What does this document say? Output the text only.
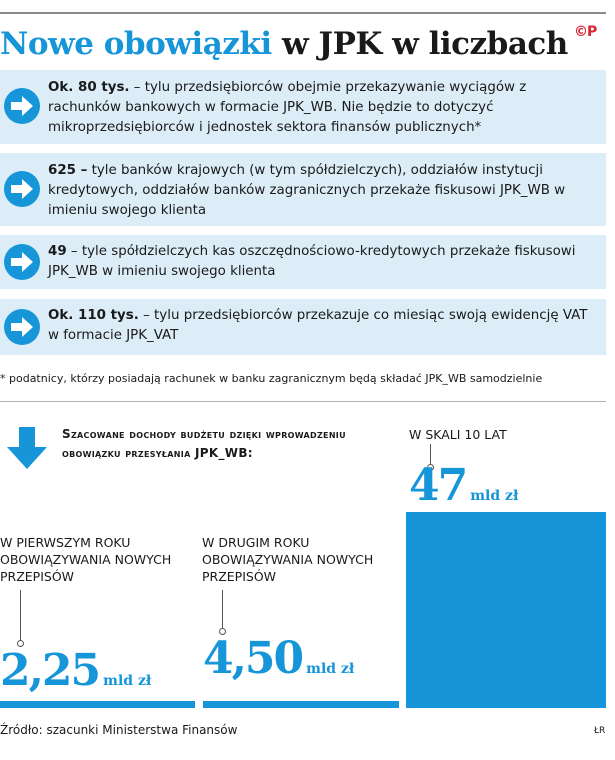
Nowe obowiązki w JPK w liczbach ©P
Ok. 80 tys. – tylu przedsiębiorców obejmie przekazywanie wyciągów z rachunków bankowych w formacie JPK_WB. Nie będzie to dotyczyć mikroprzedsiębiorców i jednostek sektora finansów publicznych*
625 – tyle banków krajowych (w tym spółdzielczych), oddziałów instytucji kredytowych, oddziałów banków zagranicznych przekaże fiskusowi JPK_WB w imieniu swojego klienta
49 – tyle spółdzielczych kas oszczędnościowo-kredytowych przekaże fiskusowi JPK_WB w imieniu swojego klienta
Ok. 110 tys. – tylu przedsiębiorców przekazuje co miesiąc swoją ewidencję VAT w formacie JPK_VAT
* podatnicy, którzy posiadają rachunek w banku zagranicznym będą składać JPK_WB samodzielnie
Szacowane dochody budżetu dzięki wprowadzeniu obowiązku przesyłania JPK_WB:
W PIERWSZYM ROKU OBOWIĄZYWANIA NOWYCH PRZEPISÓW
W DRUGIM ROKU OBOWIĄZYWANIA NOWYCH PRZEPISÓW
W SKALI 10 LAT
2,25 mld zł 4,50 mld zł
47 mld zł
Źródło: szacunki Ministerstwa Finansów	ŁR
